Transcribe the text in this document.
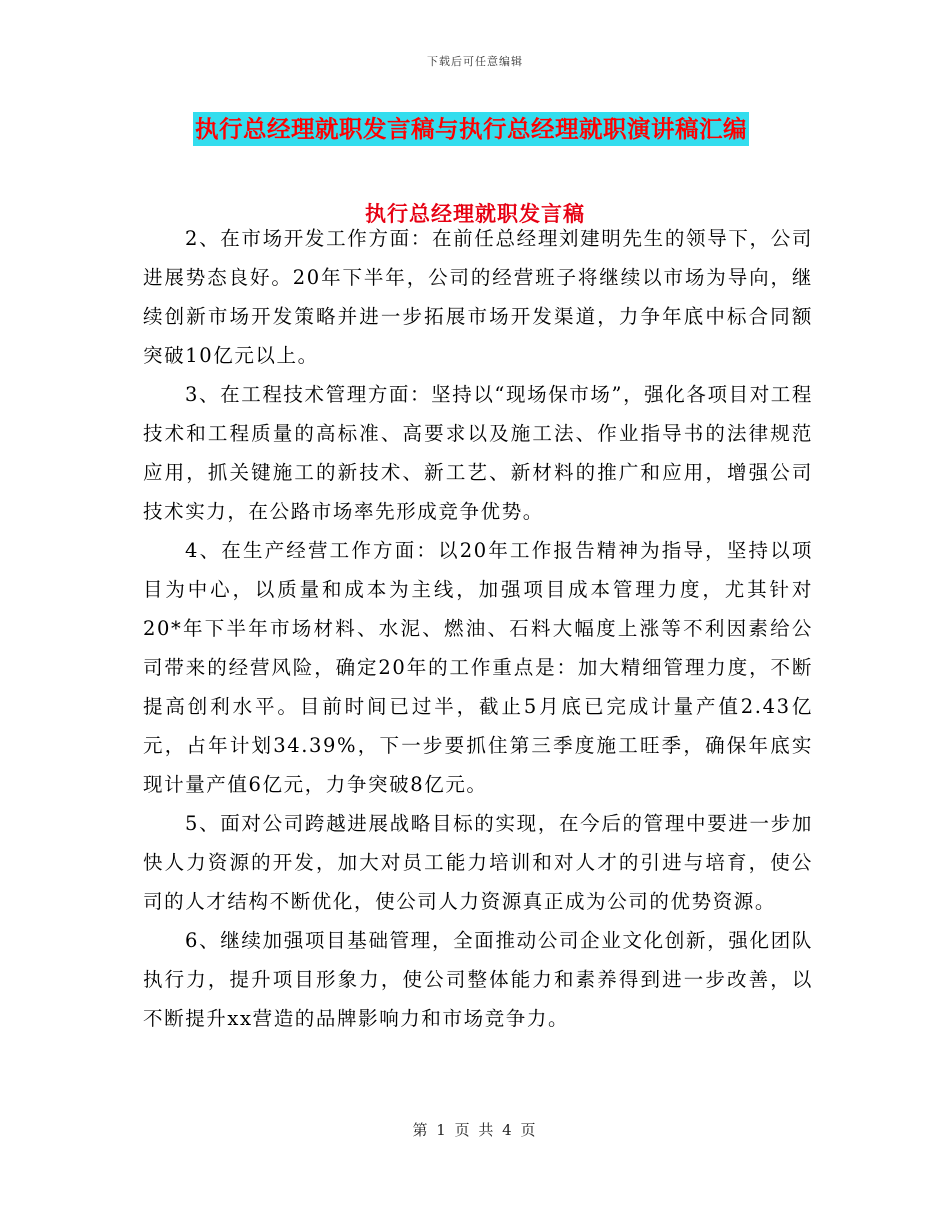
下载后可任意编辑
执行总经理就职发言稿与执行总经理就职演讲稿汇编
执行总经理就职发言稿

2、在市场开发工作方面：在前任总经理刘建明先生的领导下，公司进展势态良好。20年下半年，公司的经营班子将继续以市场为导向，继续创新市场开发策略并进一步拓展市场开发渠道，力争年底中标合同额突破10亿元以上。

3、在工程技术管理方面：坚持以“现场保市场”，强化各项目对工程技术和工程质量的高标准、高要求以及施工法、作业指导书的法律规范应用，抓关键施工的新技术、新工艺、新材料的推广和应用，增强公司技术实力，在公路市场率先形成竞争优势。

4、在生产经营工作方面：以20年工作报告精神为指导，坚持以项目为中心，以质量和成本为主线，加强项目成本管理力度，尤其针对20*年下半年市场材料、水泥、燃油、石料大幅度上涨等不利因素给公司带来的经营风险，确定20年的工作重点是：加大精细管理力度，不断提高创利水平。目前时间已过半，截止5月底已完成计量产值2.43亿元，占年计划34.39%，下一步要抓住第三季度施工旺季，确保年底实现计量产值6亿元，力争突破8亿元。

5、面对公司跨越进展战略目标的实现，在今后的管理中要进一步加快人力资源的开发，加大对员工能力培训和对人才的引进与培育，使公司的人才结构不断优化，使公司人力资源真正成为公司的优势资源。

6、继续加强项目基础管理，全面推动公司企业文化创新，强化团队执行力，提升项目形象力，使公司整体能力和素养得到进一步改善，以不断提升xx营造的品牌影响力和市场竞争力。

第 1 页 共 4 页
